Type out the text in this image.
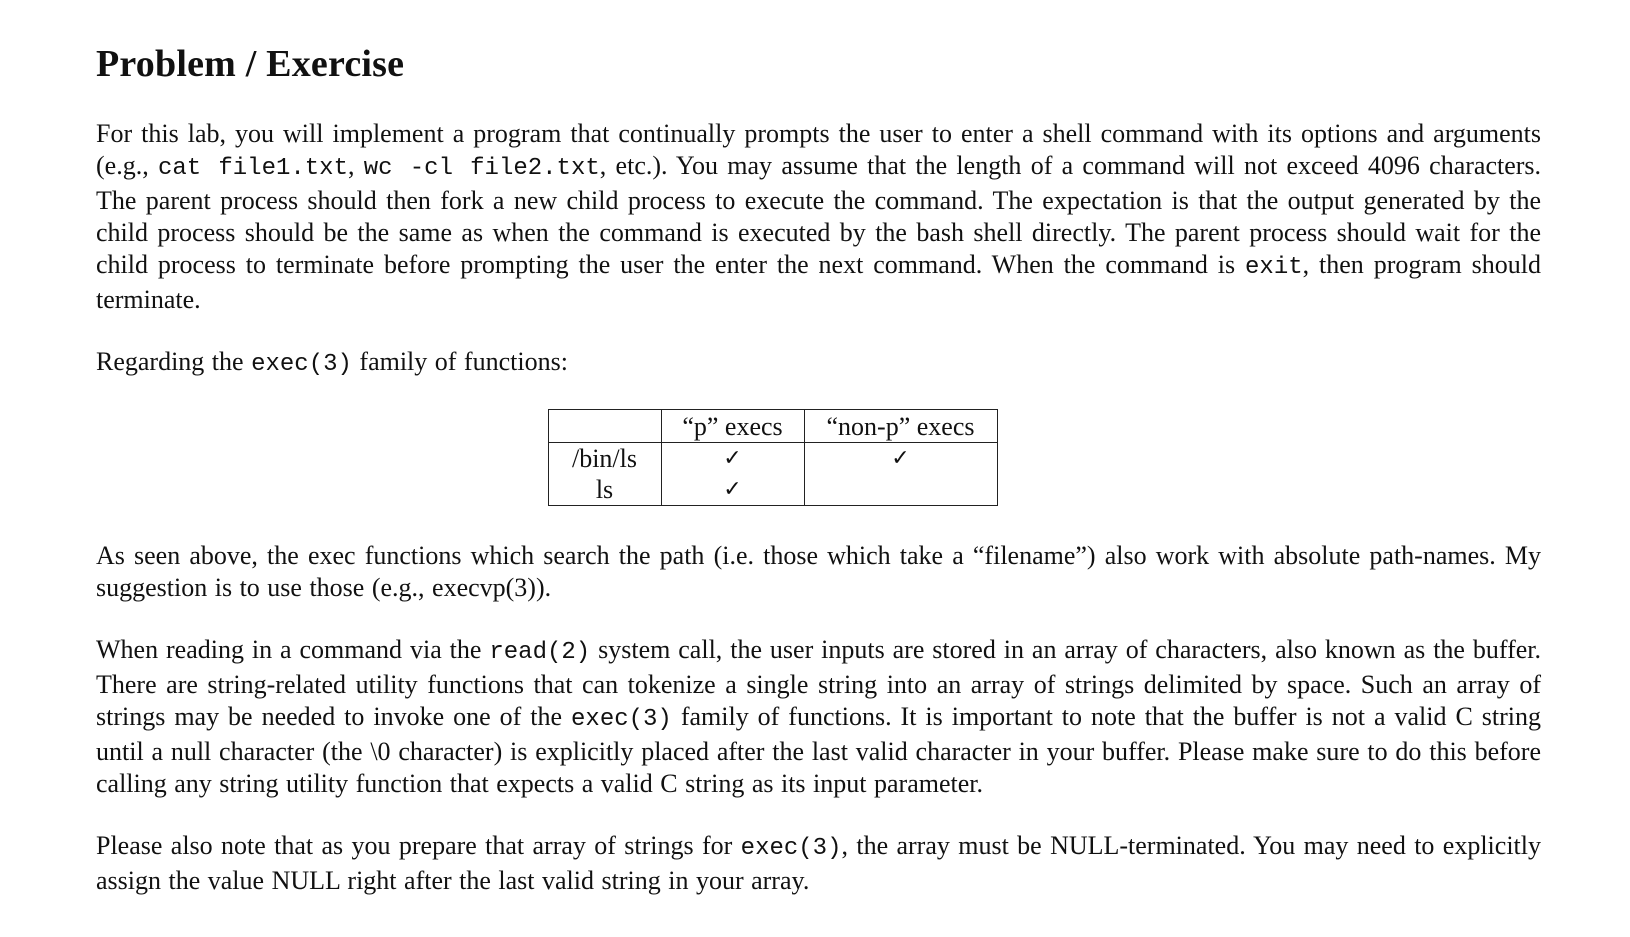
Problem / Exercise

For this lab, you will implement a program that continually prompts the user to enter a shell command with its options and arguments (e.g., cat file1.txt, wc -cl file2.txt, etc.). You may assume that the length of a command will not exceed 4096 characters. The parent process should then fork a new child process to execute the command. The expectation is that the output generated by the child process should be the same as when the command is executed by the bash shell directly. The parent process should wait for the child process to terminate before prompting the user the enter the next command. When the command is exit, then program should terminate.

Regarding the exec(3) family of functions:

	“p” execs	“non-p” execs
/bin/ls	✓	✓
ls	✓	

As seen above, the exec functions which search the path (i.e. those which take a “filename”) also work with absolute path-names. My suggestion is to use those (e.g., execvp(3)).

When reading in a command via the read(2) system call, the user inputs are stored in an array of characters, also known as the buffer. There are string-related utility functions that can tokenize a single string into an array of strings delimited by space. Such an array of strings may be needed to invoke one of the exec(3) family of functions. It is important to note that the buffer is not a valid C string until a null character (the \0 character) is explicitly placed after the last valid character in your buffer. Please make sure to do this before calling any string utility function that expects a valid C string as its input parameter.

Please also note that as you prepare that array of strings for exec(3), the array must be NULL-terminated. You may need to explicitly assign the value NULL right after the last valid string in your array.
